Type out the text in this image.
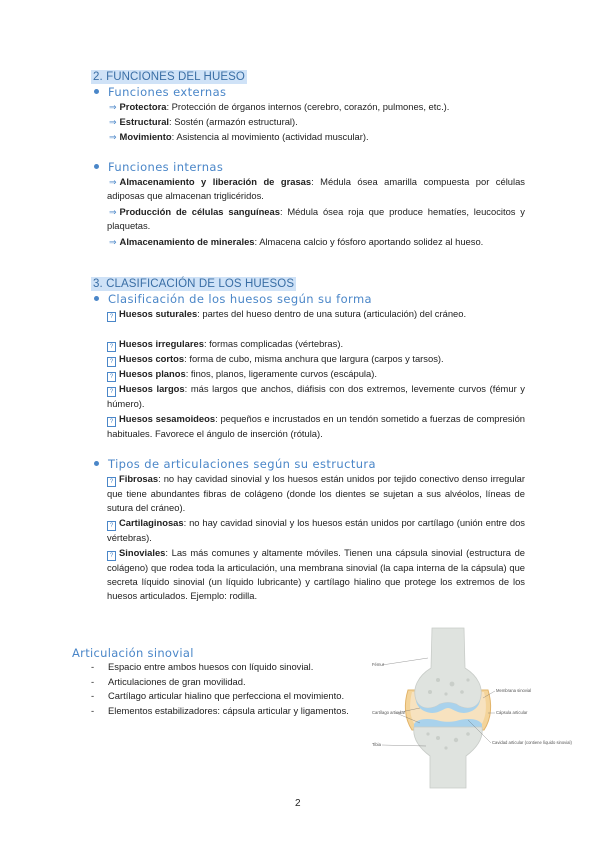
2. FUNCIONES DEL HUESO
Funciones externas
⇒ Protectora: Protección de órganos internos (cerebro, corazón, pulmones, etc.).
⇒ Estructural: Sostén (armazón estructural).
⇒ Movimiento: Asistencia al movimiento (actividad muscular).
Funciones internas
⇒ Almacenamiento y liberación de grasas: Médula ósea amarilla compuesta por células adiposas que almacenan triglicéridos.
⇒ Producción de células sanguíneas: Médula ósea roja que produce hematíes, leucocitos y plaquetas.
⇒ Almacenamiento de minerales: Almacena calcio y fósforo aportando solidez al hueso.
3. CLASIFICACIÓN DE LOS HUESOS
Clasificación de los huesos según su forma
? Huesos suturales: partes del hueso dentro de una sutura (articulación) del cráneo.
? Huesos irregulares: formas complicadas (vértebras).
? Huesos cortos: forma de cubo, misma anchura que largura (carpos y tarsos).
? Huesos planos: finos, planos, ligeramente curvos (escápula).
? Huesos largos: más largos que anchos, diáfisis con dos extremos, levemente curvos (fémur y húmero).
? Huesos sesamoideos: pequeños e incrustados en un tendón sometido a fuerzas de compresión habituales. Favorece el ángulo de inserción (rótula).
Tipos de articulaciones según su estructura
? Fibrosas: no hay cavidad sinovial y los huesos están unidos por tejido conectivo denso irregular que tiene abundantes fibras de colágeno (donde los dientes se sujetan a sus alvéolos, líneas de sutura del cráneo).
? Cartilaginosas: no hay cavidad sinovial y los huesos están unidos por cartílago (unión entre dos vértebras).
? Sinoviales: Las más comunes y altamente móviles. Tienen una cápsula sinovial (estructura de colágeno) que rodea toda la articulación, una membrana sinovial (la capa interna de la cápsula) que secreta líquido sinovial (un líquido lubricante) y cartílago hialino que protege los extremos de los huesos articulados. Ejemplo: rodilla.
Articulación sinovial
- Espacio entre ambos huesos con líquido sinovial.
- Articulaciones de gran movilidad.
- Cartílago articular hialino que perfecciona el movimiento.
- Elementos estabilizadores: cápsula articular y ligamentos.
Fémur
Cartílago articular
Tibia
Membrana sinovial
Cápsula articular
Cavidad articular (contiene líquido sinovial)
2
